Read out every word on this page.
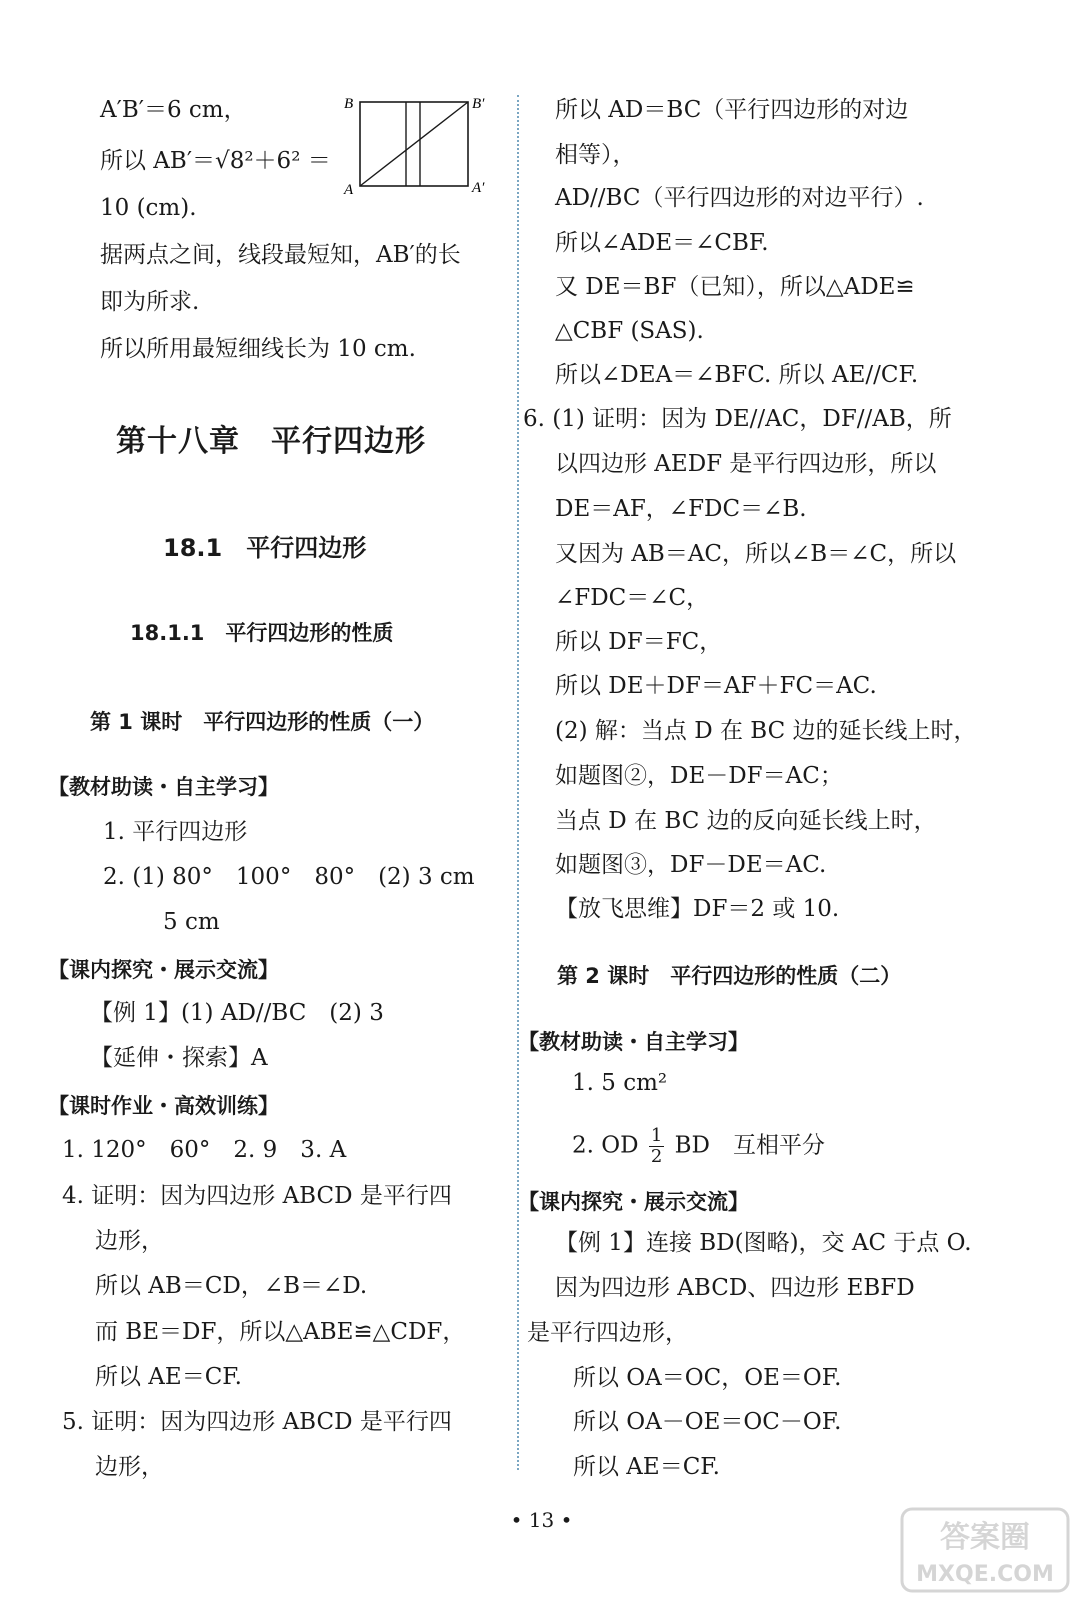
A′B′＝6 cm，
所以 AB′＝√8²＋6² ＝
10 (cm).
B	B′
A	A′
据两点之间，线段最短知，AB′的长
即为所求.
所以所用最短细线长为 10 cm.
第十八章　平行四边形
18.1　平行四边形
18.1.1　平行四边形的性质
第 1 课时　平行四边形的性质（一）
【教材助读・自主学习】
1. 平行四边形
2. (1) 80°　100°　80°　(2) 3 cm
5 cm
【课内探究・展示交流】
【例 1】(1) AD//BC　(2) 3
【延伸・探索】A
【课时作业・高效训练】
1. 120°　60°　2. 9　3. A
4. 证明：因为四边形 ABCD 是平行四
边形，
所以 AB＝CD，∠B＝∠D.
而 BE＝DF，所以△ABE≌△CDF，
所以 AE＝CF.
5. 证明：因为四边形 ABCD 是平行四
边形，
所以 AD＝BC（平行四边形的对边
相等），
AD//BC（平行四边形的对边平行）.
所以∠ADE＝∠CBF.
又 DE＝BF（已知），所以△ADE≌
△CBF (SAS).
所以∠DEA＝∠BFC. 所以 AE//CF.
6. (1) 证明：因为 DE//AC，DF//AB，所
以四边形 AEDF 是平行四边形，所以
DE＝AF，∠FDC＝∠B.
又因为 AB＝AC，所以∠B＝∠C，所以
∠FDC＝∠C，
所以 DF＝FC，
所以 DE＋DF＝AF＋FC＝AC.
(2) 解：当点 D 在 BC 边的延长线上时，
如题图②，DE－DF＝AC；
当点 D 在 BC 边的反向延长线上时，
如题图③，DF－DE＝AC.
【放飞思维】DF＝2 或 10.
第 2 课时　平行四边形的性质（二）
【教材助读・自主学习】
1. 5 cm²
2. OD $\frac{1}{2}$ BD　互相平分
【课内探究・展示交流】
【例 1】连接 BD(图略)，交 AC 于点 O.
因为四边形 ABCD、四边形 EBFD
是平行四边形，
所以 OA＝OC，OE＝OF.
所以 OA－OE＝OC－OF.
所以 AE＝CF.
• 13 •	答案圈
MXQE.COM
